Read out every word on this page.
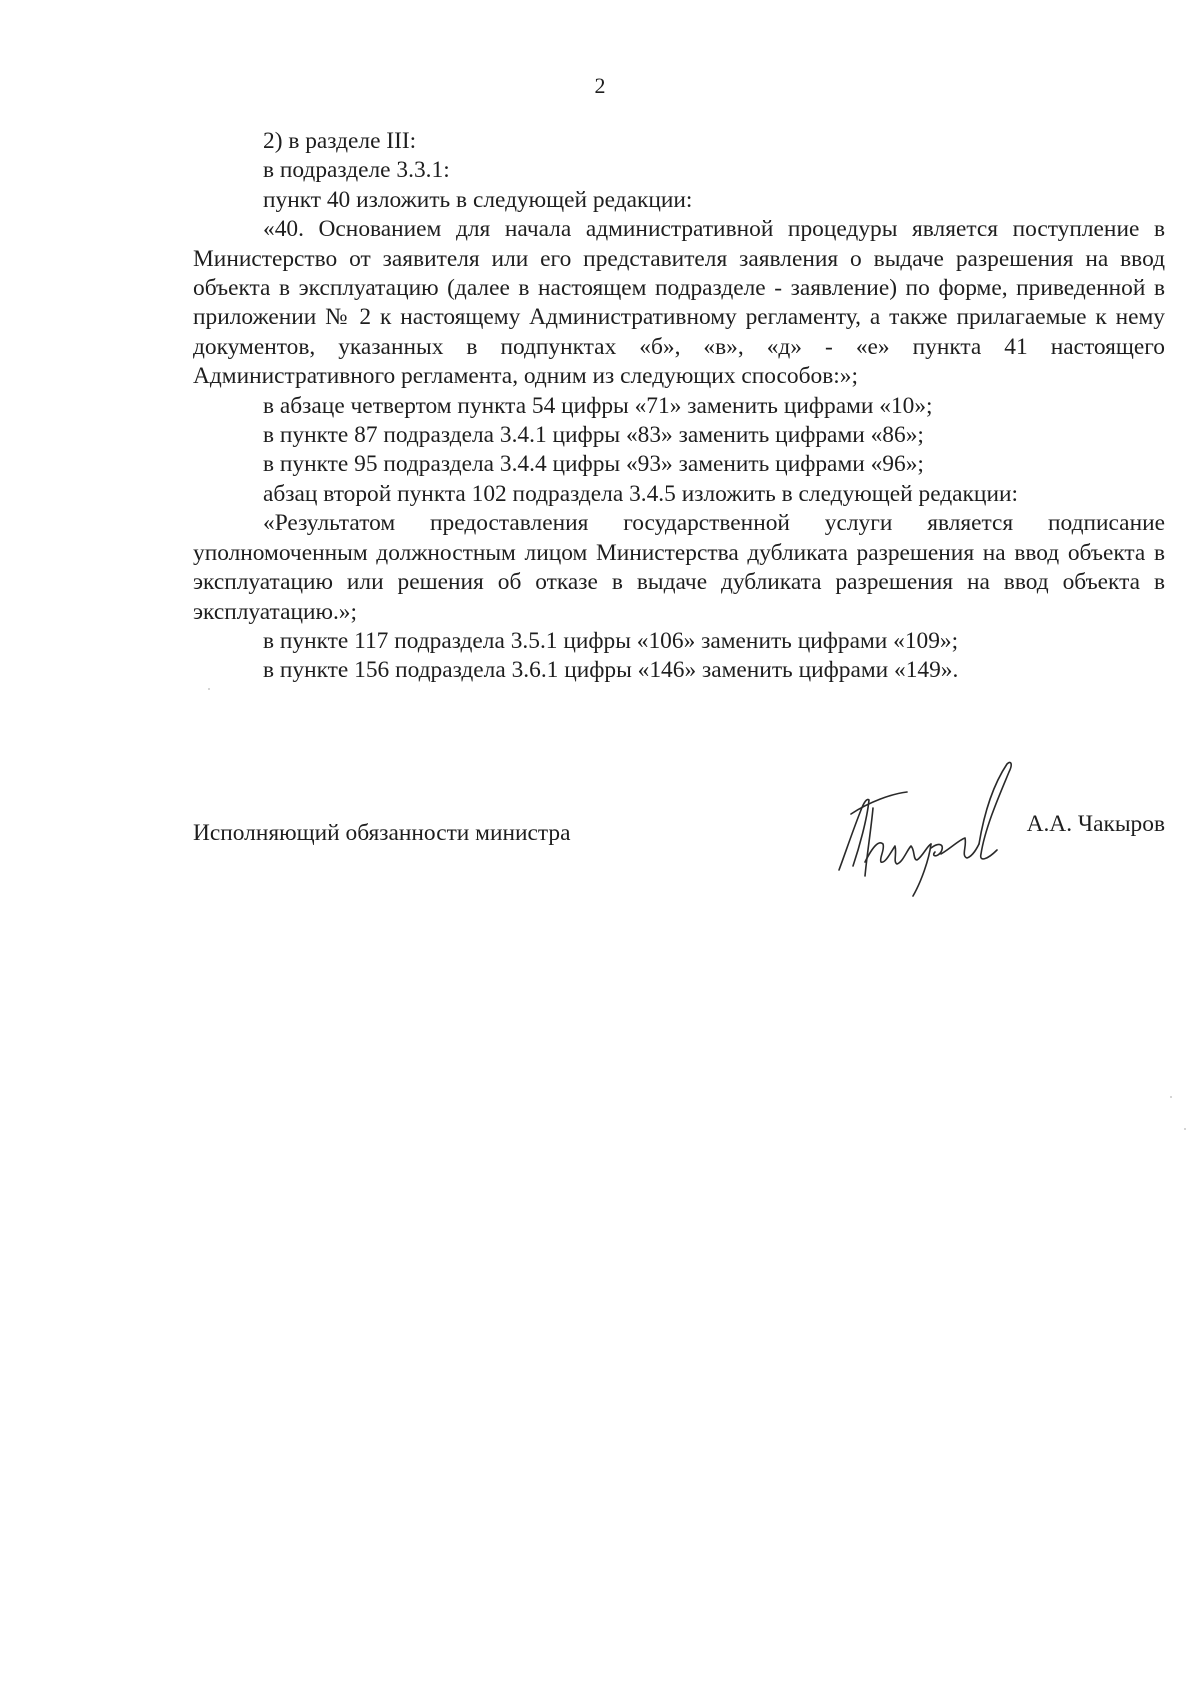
2

2) в разделе III:

в подразделе 3.3.1:

пункт 40 изложить в следующей редакции:

«40. Основанием для начала административной процедуры является поступление в Министерство от заявителя или его представителя заявления о выдаче разрешения на ввод объекта в эксплуатацию (далее в настоящем подразделе - заявление) по форме, приведенной в приложении № 2 к настоящему Административному регламенту, а также прилагаемые к нему документов, указанных в подпунктах «б», «в», «д» - «е» пункта 41 настоящего Административного регламента, одним из следующих способов:»;

в абзаце четвертом пункта 54 цифры «71» заменить цифрами «10»;

в пункте 87 подраздела 3.4.1 цифры «83» заменить цифрами «86»;

в пункте 95 подраздела 3.4.4 цифры «93» заменить цифрами «96»;

абзац второй пункта 102 подраздела 3.4.5 изложить в следующей редакции:

«Результатом предоставления государственной услуги является подписание уполномоченным должностным лицом Министерства дубликата разрешения на ввод объекта в эксплуатацию или решения об отказе в выдаче дубликата разрешения на ввод объекта в эксплуатацию.»;

в пункте 117 подраздела 3.5.1 цифры «106» заменить цифрами «109»;

в пункте 156 подраздела 3.6.1 цифры «146» заменить цифрами «149».

Исполняющий обязанности министра	А.А. Чакыров
